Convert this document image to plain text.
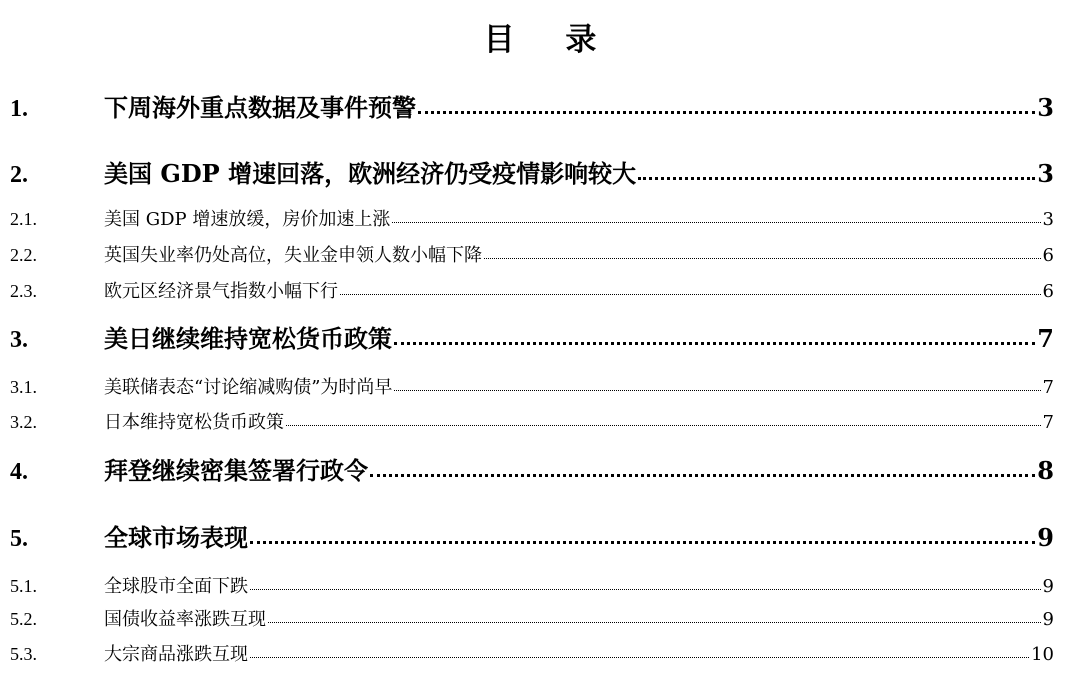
目 录
1.	下周海外重点数据及事件预警	3
2.	美国 GDP 增速回落，欧洲经济仍受疫情影响较大	3
2.1.	美国 GDP 增速放缓，房价加速上涨	3
2.2.	英国失业率仍处高位，失业金申领人数小幅下降	6
2.3.	欧元区经济景气指数小幅下行	6
3.	美日继续维持宽松货币政策	7
3.1.	美联储表态“讨论缩减购债”为时尚早	7
3.2.	日本维持宽松货币政策	7
4.	拜登继续密集签署行政令	8
5.	全球市场表现	9
5.1.	全球股市全面下跌	9
5.2.	国债收益率涨跌互现	9
5.3.	大宗商品涨跌互现	10
